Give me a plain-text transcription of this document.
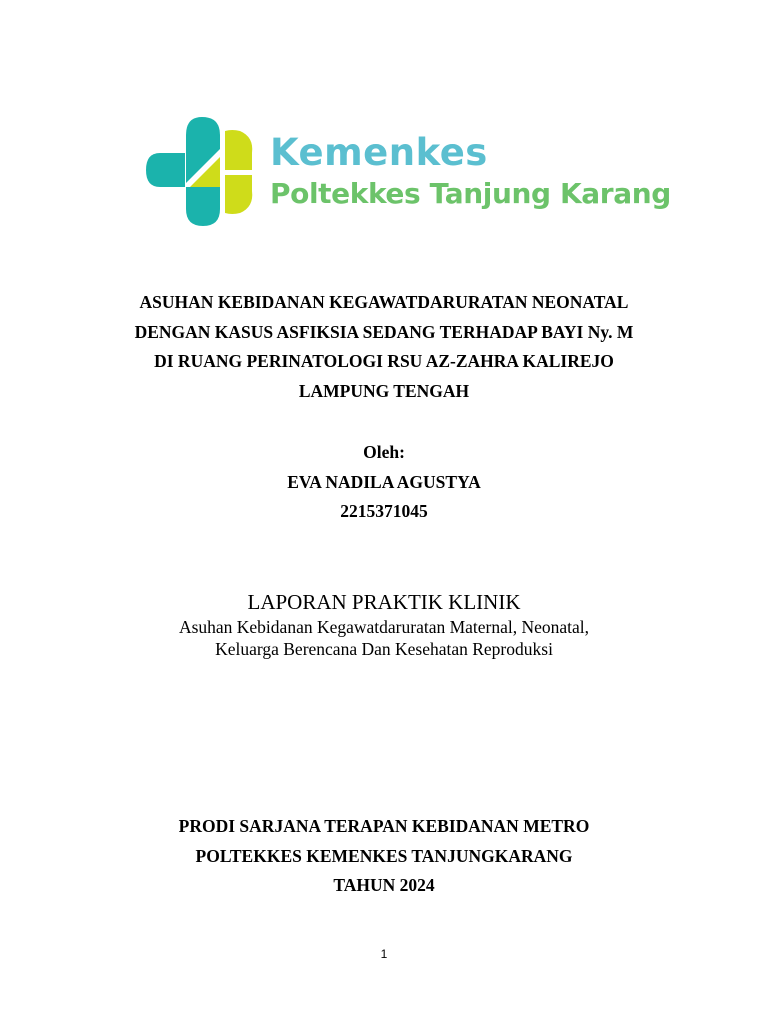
Kemenkes
Poltekkes Tanjung Karang
ASUHAN KEBIDANAN KEGAWATDARURATAN NEONATAL
DENGAN KASUS ASFIKSIA SEDANG TERHADAP BAYI Ny. M
DI RUANG PERINATOLOGI RSU AZ-ZAHRA KALIREJO
LAMPUNG TENGAH
Oleh:
EVA NADILA AGUSTYA
2215371045
LAPORAN PRAKTIK KLINIK
Asuhan Kebidanan Kegawatdaruratan Maternal, Neonatal,
Keluarga Berencana Dan Kesehatan Reproduksi
PRODI SARJANA TERAPAN KEBIDANAN METRO
POLTEKKES KEMENKES TANJUNGKARANG
TAHUN 2024
1
